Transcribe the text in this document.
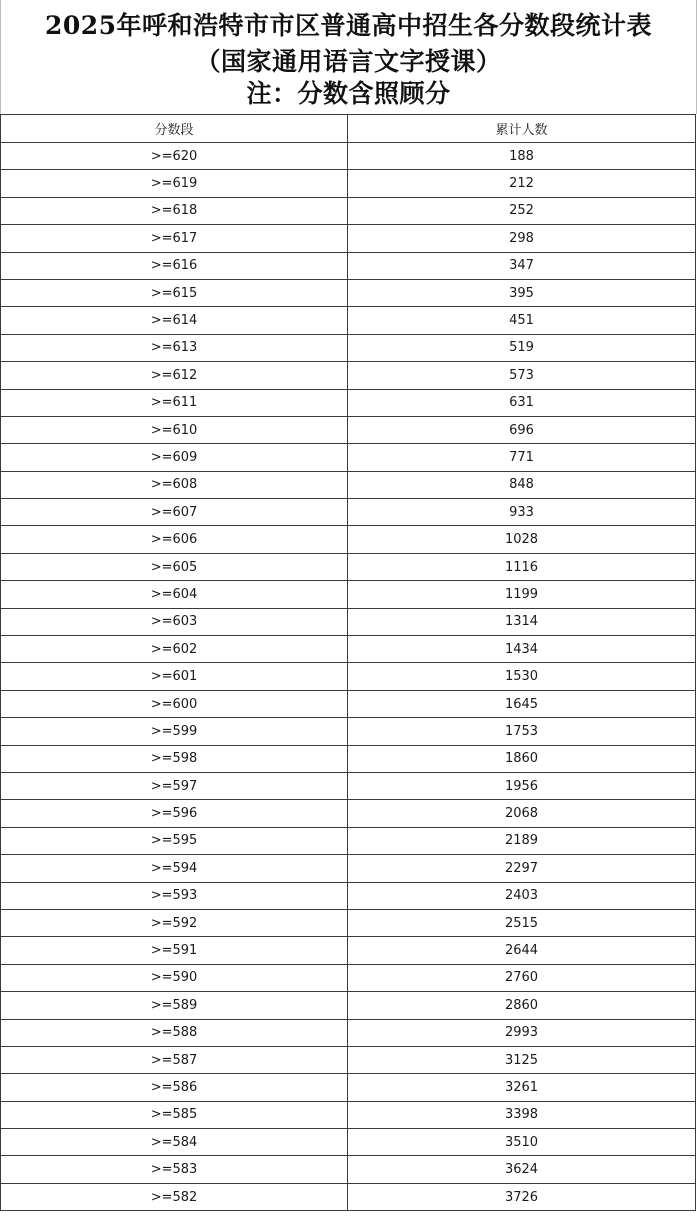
2025年呼和浩特市市区普通高中招生各分数段统计表
（国家通用语言文字授课）
注：分数含照顾分
分数段	累计人数
>=620	188
>=619	212
>=618	252
>=617	298
>=616	347
>=615	395
>=614	451
>=613	519
>=612	573
>=611	631
>=610	696
>=609	771
>=608	848
>=607	933
>=606	1028
>=605	1116
>=604	1199
>=603	1314
>=602	1434
>=601	1530
>=600	1645
>=599	1753
>=598	1860
>=597	1956
>=596	2068
>=595	2189
>=594	2297
>=593	2403
>=592	2515
>=591	2644
>=590	2760
>=589	2860
>=588	2993
>=587	3125
>=586	3261
>=585	3398
>=584	3510
>=583	3624
>=582	3726
